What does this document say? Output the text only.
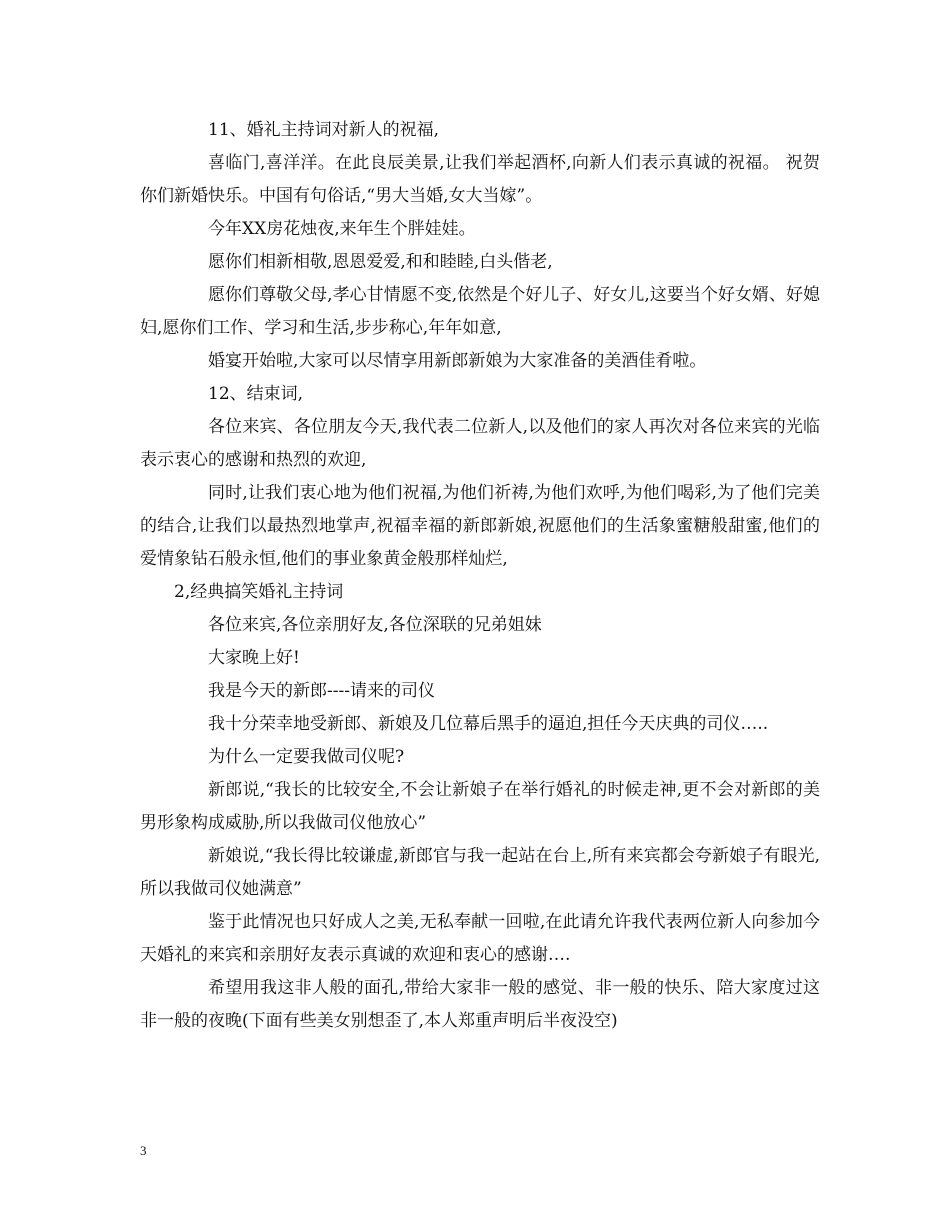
11、婚礼主持词对新人的祝福,

喜临门,喜洋洋。在此良辰美景,让我们举起酒杯,向新人们表示真诚的祝福。 祝贺你们新婚快乐。中国有句俗话,“男大当婚,女大当嫁”。

今年XX房花烛夜,来年生个胖娃娃。

愿你们相新相敬,恩恩爱爱,和和睦睦,白头偕老,

愿你们尊敬父母,孝心甘情愿不变,依然是个好儿子、好女儿,这要当个好女婿、好媳妇,愿你们工作、学习和生活,步步称心,年年如意,

婚宴开始啦,大家可以尽情享用新郎新娘为大家准备的美酒佳肴啦。

12、结束词,

各位来宾、各位朋友今天,我代表二位新人,以及他们的家人再次对各位来宾的光临表示衷心的感谢和热烈的欢迎,

同时,让我们衷心地为他们祝福,为他们祈祷,为他们欢呼,为他们喝彩,为了他们完美的结合,让我们以最热烈地掌声,祝福幸福的新郎新娘,祝愿他们的生活象蜜糖般甜蜜,他们的爱情象钻石般永恒,他们的事业象黄金般那样灿烂,

2,经典搞笑婚礼主持词

各位来宾,各位亲朋好友,各位深联的兄弟姐妹

大家晚上好!

我是今天的新郎----请来的司仪

我十分荣幸地受新郎、新娘及几位幕后黑手的逼迫,担任今天庆典的司仪…..

为什么一定要我做司仪呢?

新郎说,“我长的比较安全,不会让新娘子在举行婚礼的时候走神,更不会对新郎的美男形象构成威胁,所以我做司仪他放心”

新娘说,“我长得比较谦虚,新郎官与我一起站在台上,所有来宾都会夸新娘子有眼光,所以我做司仪她满意”

鉴于此情况也只好成人之美,无私奉献一回啦,在此请允许我代表两位新人向参加今天婚礼的来宾和亲朋好友表示真诚的欢迎和衷心的感谢….

希望用我这非人般的面孔,带给大家非一般的感觉、非一般的快乐、陪大家度过这非一般的夜晚(下面有些美女别想歪了,本人郑重声明后半夜没空)

3
